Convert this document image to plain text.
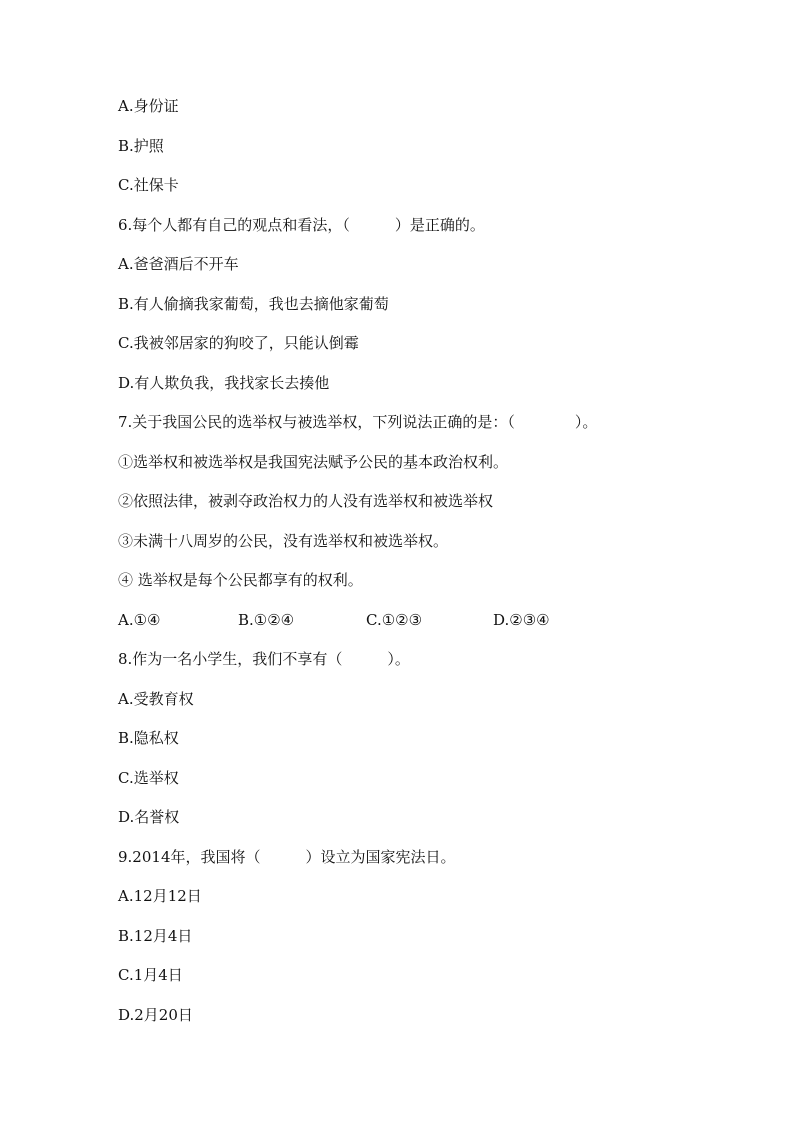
A.身份证
B.护照
C.社保卡
6.每个人都有自己的观点和看法，（　　　）是正确的。
A.爸爸酒后不开车
B.有人偷摘我家葡萄，我也去摘他家葡萄
C.我被邻居家的狗咬了，只能认倒霉
D.有人欺负我，我找家长去揍他
7.关于我国公民的选举权与被选举权，下列说法正确的是：（　　　　）。
①选举权和被选举权是我国宪法赋予公民的基本政治权利。
②依照法律，被剥夺政治权力的人没有选举权和被选举权
③未满十八周岁的公民，没有选举权和被选举权。
④ 选举权是每个公民都享有的权利。
A.①④	B.①②④	C.①②③	D.②③④
8.作为一名小学生，我们不享有（　　　）。
A.受教育权
B.隐私权
C.选举权
D.名誉权
9.2014年，我国将（　　　）设立为国家宪法日。
A.12月12日
B.12月4日
C.1月4日
D.2月20日
